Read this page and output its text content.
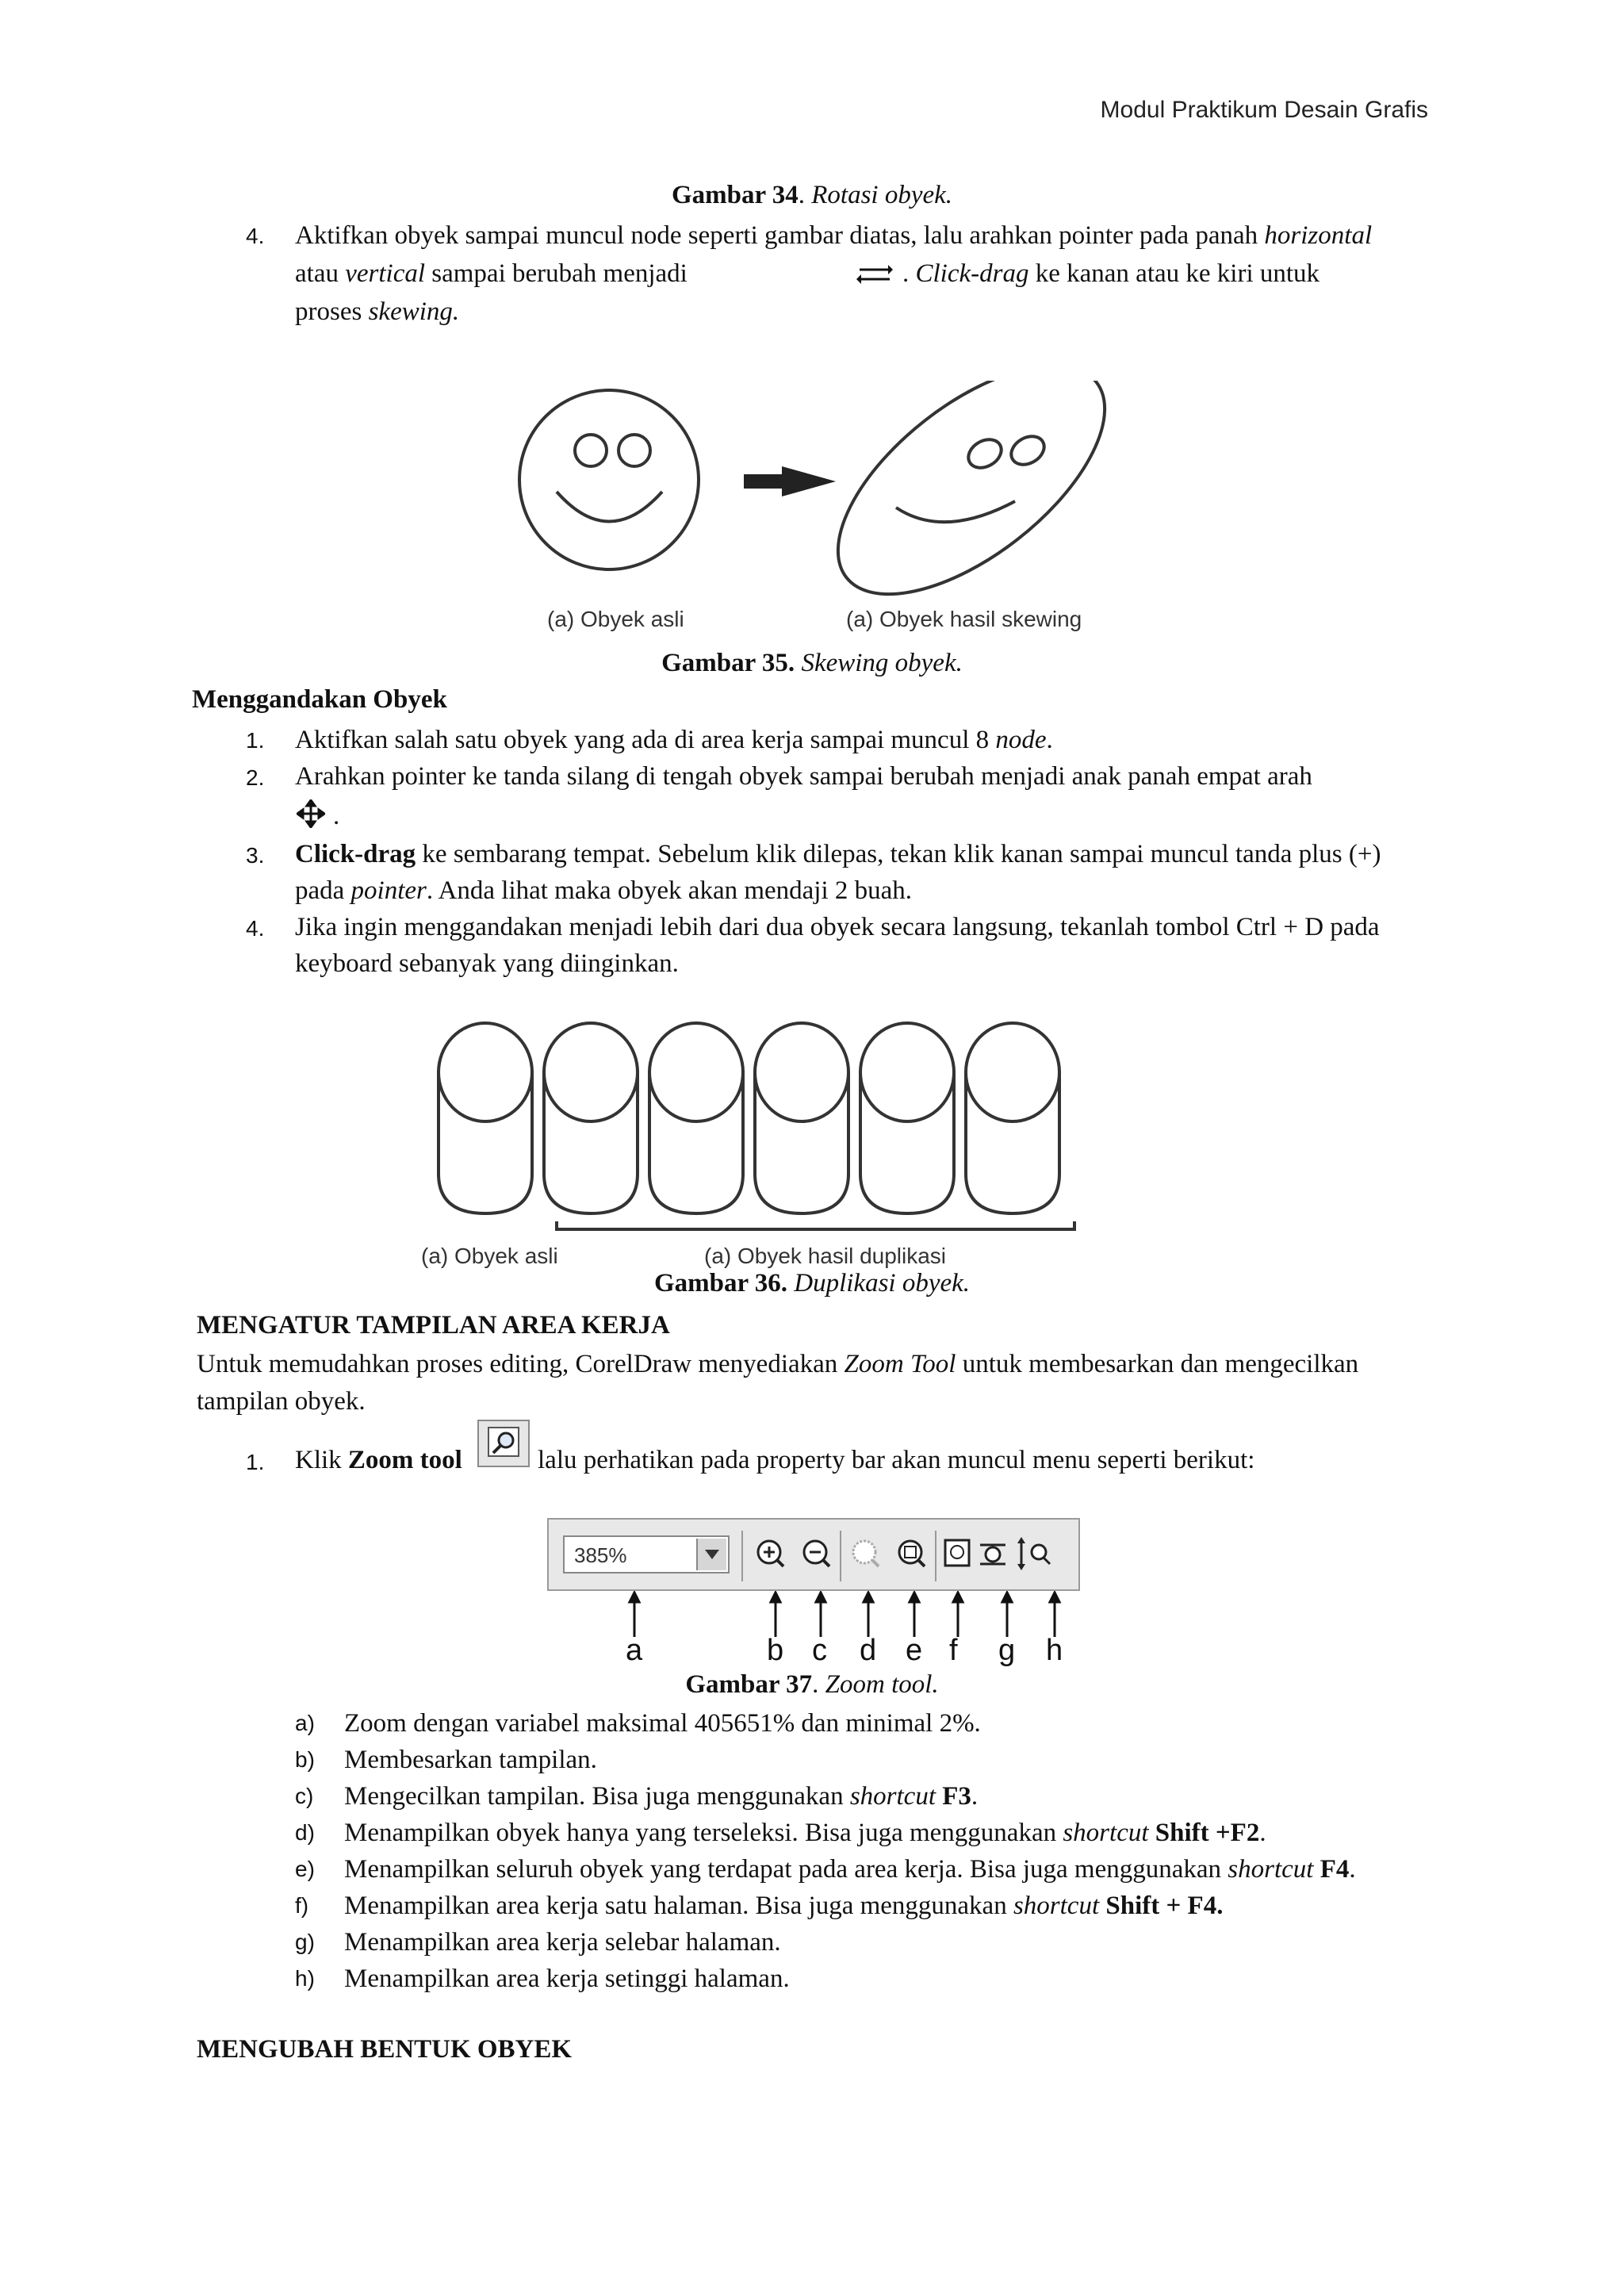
Modul Praktikum Desain Grafis
Gambar 34. Rotasi obyek.
4. Aktifkan obyek sampai muncul node seperti gambar diatas, lalu arahkan pointer pada panah horizontal
atau vertical sampai berubah menjadi	. Click-drag ke kanan atau ke kiri untuk
proses skewing.
(a) Obyek asli	(a) Obyek hasil skewing
Gambar 35. Skewing obyek.
Menggandakan Obyek
1. Aktifkan salah satu obyek yang ada di area kerja sampai muncul 8 node.
2. Arahkan pointer ke tanda silang di tengah obyek sampai berubah menjadi anak panah empat arah
.
3. Click-drag ke sembarang tempat. Sebelum klik dilepas, tekan klik kanan sampai muncul tanda plus (+)
pada pointer. Anda lihat maka obyek akan mendaji 2 buah.
4. Jika ingin menggandakan menjadi lebih dari dua obyek secara langsung, tekanlah tombol Ctrl + D pada
keyboard sebanyak yang diinginkan.
(a) Obyek asli	(a) Obyek hasil duplikasi
Gambar 36. Duplikasi obyek.
MENGATUR TAMPILAN AREA KERJA
Untuk memudahkan proses editing, CorelDraw menyediakan Zoom Tool untuk membesarkan dan mengecilkan
tampilan obyek.
1. Klik Zoom tool	lalu perhatikan pada property bar akan muncul menu seperti berikut:
385%
a	b c d e f g h
Gambar 37. Zoom tool.
a) Zoom dengan variabel maksimal 405651% dan minimal 2%.
b) Membesarkan tampilan.
c) Mengecilkan tampilan. Bisa juga menggunakan shortcut F3.
d) Menampilkan obyek hanya yang terseleksi. Bisa juga menggunakan shortcut Shift +F2.
e) Menampilkan seluruh obyek yang terdapat pada area kerja. Bisa juga menggunakan shortcut F4.
f) Menampilkan area kerja satu halaman. Bisa juga menggunakan shortcut Shift + F4.
g) Menampilkan area kerja selebar halaman.
h) Menampilkan area kerja setinggi halaman.
MENGUBAH BENTUK OBYEK
